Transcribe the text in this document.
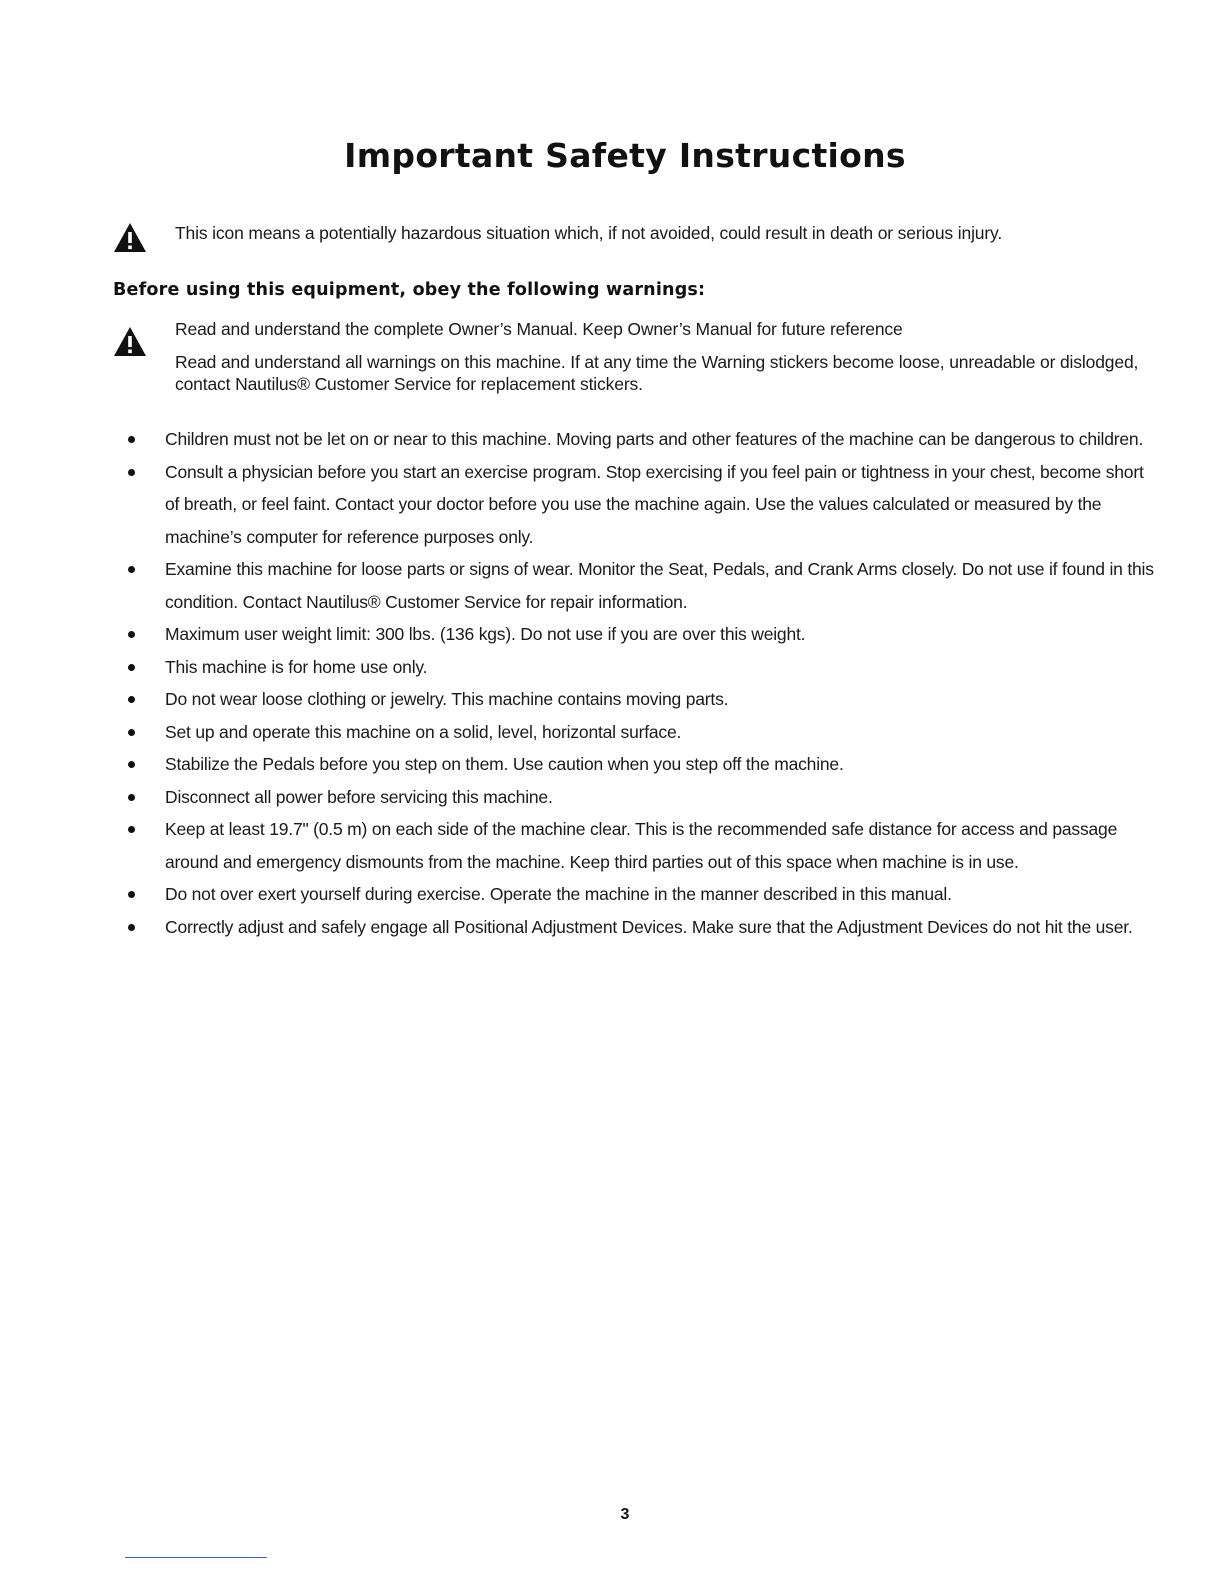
Important Safety Instructions

This icon means a potentially hazardous situation which, if not avoided, could result in death or serious injury.

Before using this equipment, obey the following warnings:

Read and understand the complete Owner’s Manual. Keep Owner’s Manual for future reference

Read and understand all warnings on this machine. If at any time the Warning stickers become loose, unreadable or dislodged, contact Nautilus® Customer Service for replacement stickers.

Children must not be let on or near to this machine. Moving parts and other features of the machine can be dangerous to children.
Consult a physician before you start an exercise program. Stop exercising if you feel pain or tightness in your chest, become short of breath, or feel faint. Contact your doctor before you use the machine again. Use the values calculated or measured by the machine’s computer for reference purposes only.
Examine this machine for loose parts or signs of wear. Monitor the Seat, Pedals, and Crank Arms closely. Do not use if found in this condition. Contact Nautilus® Customer Service for repair information.
Maximum user weight limit: 300 lbs. (136 kgs). Do not use if you are over this weight.
This machine is for home use only.
Do not wear loose clothing or jewelry. This machine contains moving parts.
Set up and operate this machine on a solid, level, horizontal surface.
Stabilize the Pedals before you step on them. Use caution when you step off the machine.
Disconnect all power before servicing this machine.
Keep at least 19.7" (0.5 m) on each side of the machine clear. This is the recommended safe distance for access and passage around and emergency dismounts from the machine. Keep third parties out of this space when machine is in use.
Do not over exert yourself during exercise. Operate the machine in the manner described in this manual.
Correctly adjust and safely engage all Positional Adjustment Devices. Make sure that the Adjustment Devices do not hit the user.
3
